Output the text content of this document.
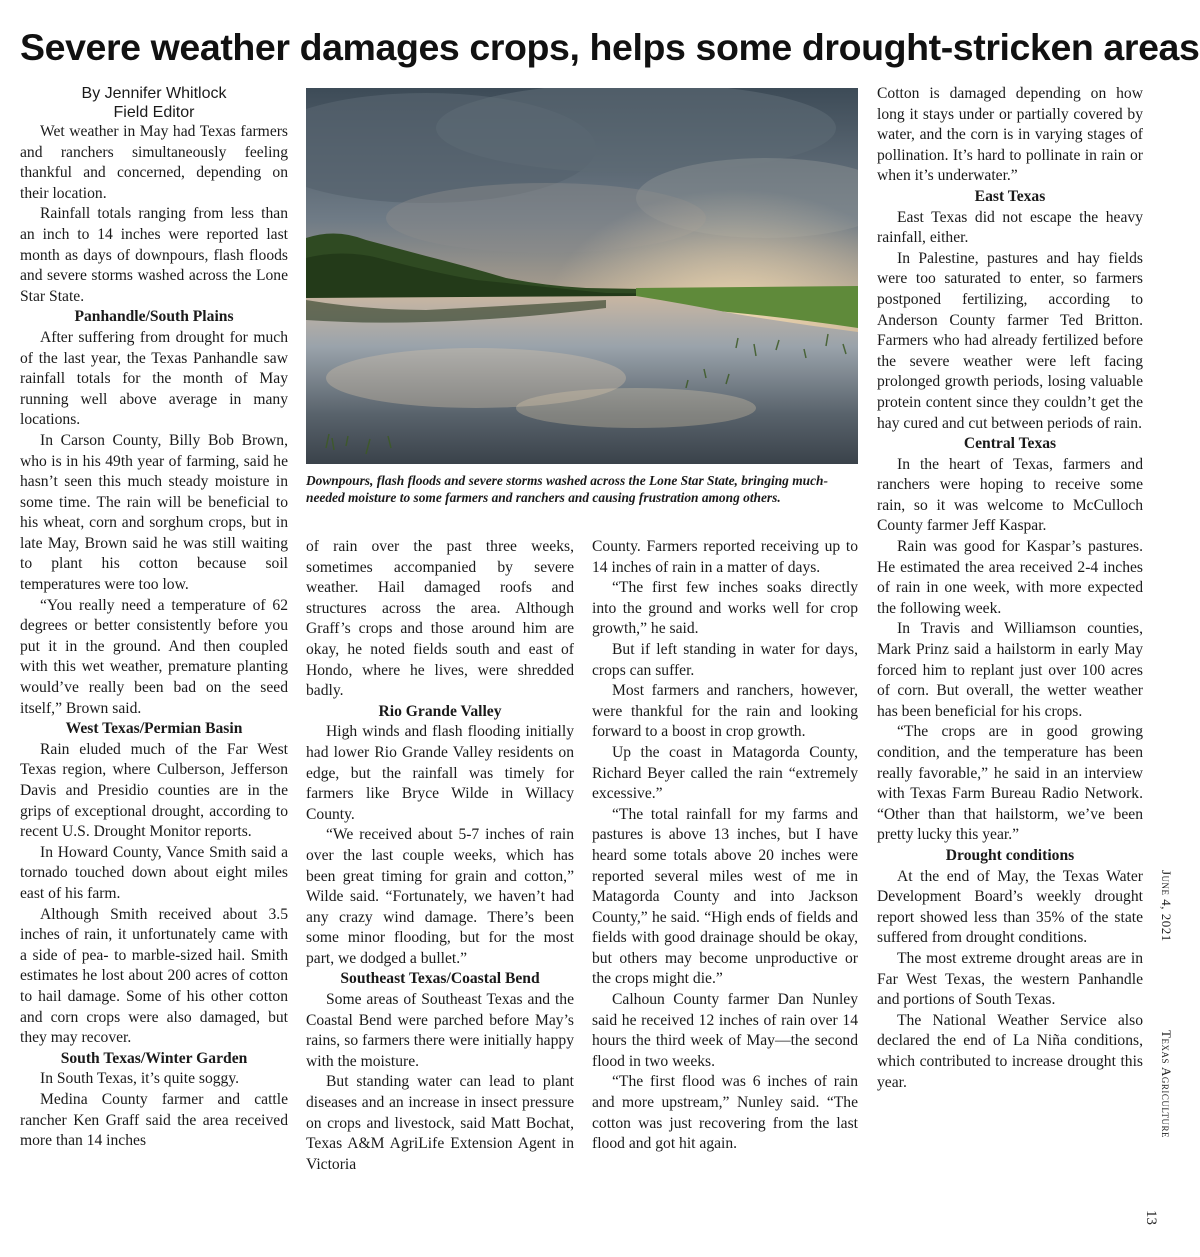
Severe weather damages crops, helps some drought-stricken areas
By Jennifer Whitlock
Field Editor

Wet weather in May had Texas farmers and ranchers simultaneously feeling thankful and concerned, depending on their location.

Rainfall totals ranging from less than an inch to 14 inches were reported last month as days of downpours, flash floods and severe storms washed across the Lone Star State.

Panhandle/South Plains

After suffering from drought for much of the last year, the Texas Panhandle saw rainfall totals for the month of May running well above average in many locations.

In Carson County, Billy Bob Brown, who is in his 49th year of farming, said he hasn’t seen this much steady moisture in some time. The rain will be beneficial to his wheat, corn and sorghum crops, but in late May, Brown said he was still waiting to plant his cotton because soil temperatures were too low.

“You really need a temperature of 62 degrees or better consistently before you put it in the ground. And then coupled with this wet weather, premature planting would’ve really been bad on the seed itself,” Brown said.

West Texas/Permian Basin

Rain eluded much of the Far West Texas region, where Culberson, Jefferson Davis and Presidio counties are in the grips of exceptional drought, according to recent U.S. Drought Monitor reports.

In Howard County, Vance Smith said a tornado touched down about eight miles east of his farm.

Although Smith received about 3.5 inches of rain, it unfortunately came with a side of pea- to marble-sized hail. Smith estimates he lost about 200 acres of cotton to hail damage. Some of his other cotton and corn crops were also damaged, but they may recover.

South Texas/Winter Garden

In South Texas, it’s quite soggy.

Medina County farmer and cattle rancher Ken Graff said the area received more than 14 inches

Downpours, flash floods and severe storms washed across the Lone Star State, bringing much-needed moisture to some farmers and ranchers and causing frustration among others.

of rain over the past three weeks, sometimes accompanied by severe weather. Hail damaged roofs and structures across the area. Although Graff’s crops and those around him are okay, he noted fields south and east of Hondo, where he lives, were shredded badly.

Rio Grande Valley

High winds and flash flooding initially had lower Rio Grande Valley residents on edge, but the rainfall was timely for farmers like Bryce Wilde in Willacy County.

“We received about 5-7 inches of rain over the last couple weeks, which has been great timing for grain and cotton,” Wilde said. “Fortunately, we haven’t had any crazy wind damage. There’s been some minor flooding, but for the most part, we dodged a bullet.”

Southeast Texas/Coastal Bend

Some areas of Southeast Texas and the Coastal Bend were parched before May’s rains, so farmers there were initially happy with the moisture.

But standing water can lead to plant diseases and an increase in insect pressure on crops and livestock, said Matt Bochat, Texas A&M AgriLife Extension Agent in Victoria

County. Farmers reported receiving up to 14 inches of rain in a matter of days.

“The first few inches soaks directly into the ground and works well for crop growth,” he said.

But if left standing in water for days, crops can suffer.

Most farmers and ranchers, however, were thankful for the rain and looking forward to a boost in crop growth.

Up the coast in Matagorda County, Richard Beyer called the rain “extremely excessive.”

“The total rainfall for my farms and pastures is above 13 inches, but I have heard some totals above 20 inches were reported several miles west of me in Matagorda County and into Jackson County,” he said. “High ends of fields and fields with good drainage should be okay, but others may become unproductive or the crops might die.”

Calhoun County farmer Dan Nunley said he received 12 inches of rain over 14 hours the third week of May—the second flood in two weeks.

“The first flood was 6 inches of rain and more upstream,” Nunley said. “The cotton was just recovering from the last flood and got hit again.

Cotton is damaged depending on how long it stays under or partially covered by water, and the corn is in varying stages of pollination. It’s hard to pollinate in rain or when it’s underwater.”

East Texas

East Texas did not escape the heavy rainfall, either.

In Palestine, pastures and hay fields were too saturated to enter, so farmers postponed fertilizing, according to Anderson County farmer Ted Britton. Farmers who had already fertilized before the severe weather were left facing prolonged growth periods, losing valuable protein content since they couldn’t get the hay cured and cut between periods of rain.

Central Texas

In the heart of Texas, farmers and ranchers were hoping to receive some rain, so it was welcome to McCulloch County farmer Jeff Kaspar.

Rain was good for Kaspar’s pastures. He estimated the area received 2-4 inches of rain in one week, with more expected the following week.

In Travis and Williamson counties, Mark Prinz said a hailstorm in early May forced him to replant just over 100 acres of corn. But overall, the wetter weather has been beneficial for his crops.

“The crops are in good growing condition, and the temperature has been really favorable,” he said in an interview with Texas Farm Bureau Radio Network. “Other than that hailstorm, we’ve been pretty lucky this year.”

Drought conditions

At the end of May, the Texas Water Development Board’s weekly drought report showed less than 35% of the state suffered from drought conditions.

The most extreme drought areas are in Far West Texas, the western Panhandle and portions of South Texas.

The National Weather Service also declared the end of La Niña conditions, which contributed to increase drought this year.

June 4, 2021
Texas Agriculture
13
